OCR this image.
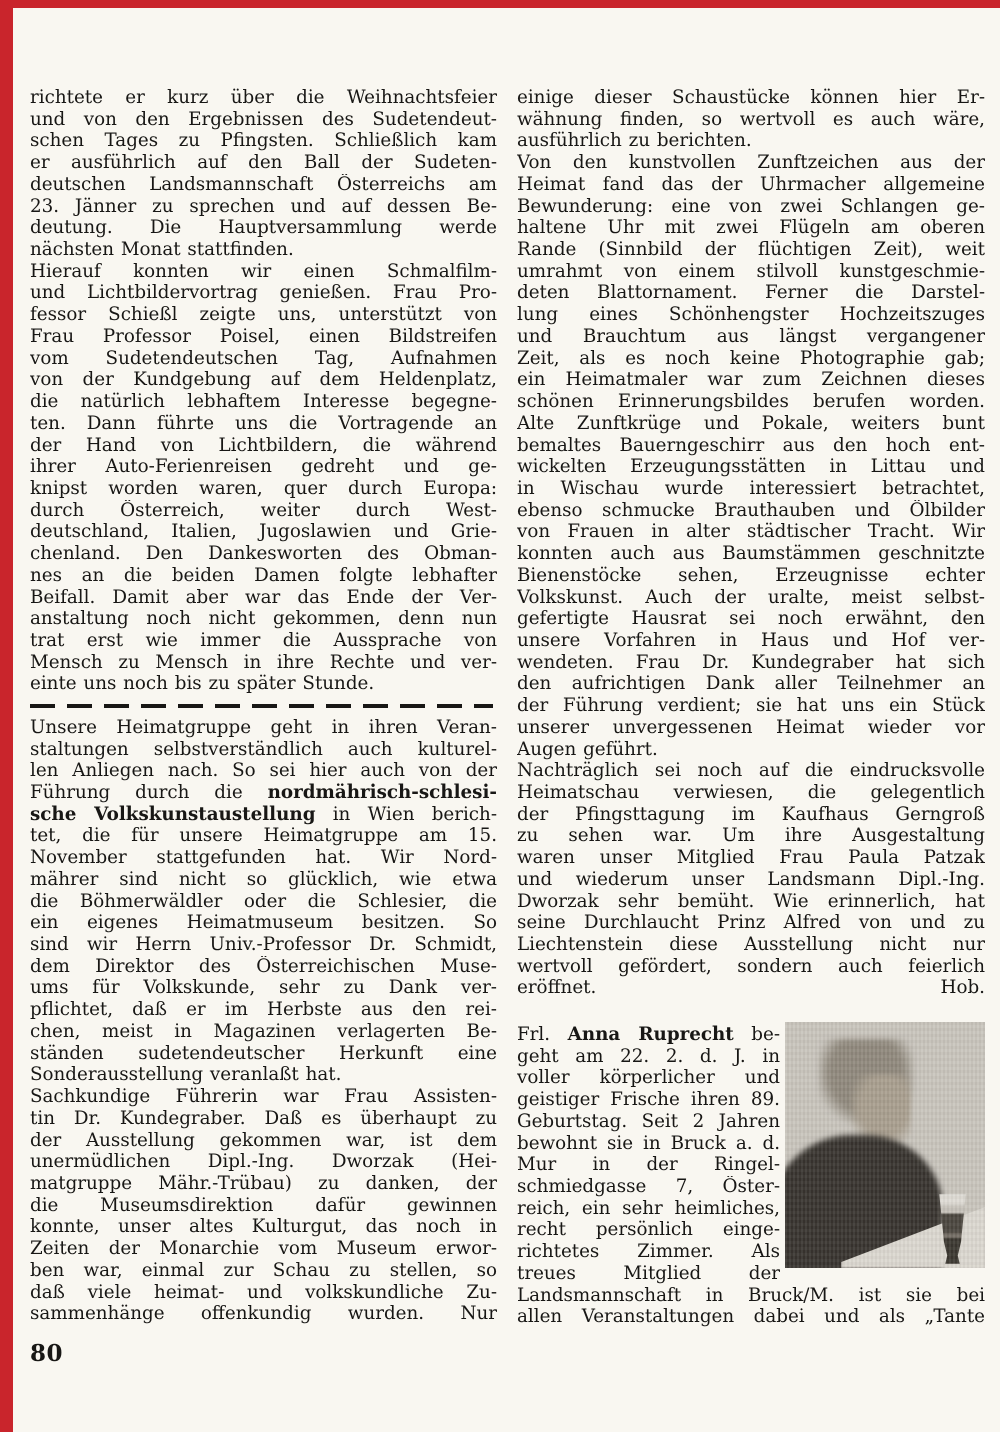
richtete er kurz über die Weihnachtsfeier
und von den Ergebnissen des Sudetendeut-
schen Tages zu Pfingsten. Schließlich kam
er ausführlich auf den Ball der Sudeten-
deutschen Landsmannschaft Österreichs am
23. Jänner zu sprechen und auf dessen Be-
deutung. Die Hauptversammlung werde
nächsten Monat stattfinden.
Hierauf konnten wir einen Schmalfilm-
und Lichtbildervortrag genießen. Frau Pro-
fessor Schießl zeigte uns, unterstützt von
Frau Professor Poisel, einen Bildstreifen
vom Sudetendeutschen Tag, Aufnahmen
von der Kundgebung auf dem Heldenplatz,
die natürlich lebhaftem Interesse begegne-
ten. Dann führte uns die Vortragende an
der Hand von Lichtbildern, die während
ihrer Auto-Ferienreisen gedreht und ge-
knipst worden waren, quer durch Europa:
durch Österreich, weiter durch West-
deutschland, Italien, Jugoslawien und Grie-
chenland. Den Dankesworten des Obman-
nes an die beiden Damen folgte lebhafter
Beifall. Damit aber war das Ende der Ver-
anstaltung noch nicht gekommen, denn nun
trat erst wie immer die Aussprache von
Mensch zu Mensch in ihre Rechte und ver-
einte uns noch bis zu später Stunde.
Unsere Heimatgruppe geht in ihren Veran-
staltungen selbstverständlich auch kulturel-
len Anliegen nach. So sei hier auch von der
Führung durch die nordmährisch-schlesi-
sche Volkskunstaustellung in Wien berich-
tet, die für unsere Heimatgruppe am 15.
November stattgefunden hat. Wir Nord-
mährer sind nicht so glücklich, wie etwa
die Böhmerwäldler oder die Schlesier, die
ein eigenes Heimatmuseum besitzen. So
sind wir Herrn Univ.-Professor Dr. Schmidt,
dem Direktor des Österreichischen Muse-
ums für Volkskunde, sehr zu Dank ver-
pflichtet, daß er im Herbste aus den rei-
chen, meist in Magazinen verlagerten Be-
ständen sudetendeutscher Herkunft eine
Sonderausstellung veranlaßt hat.
Sachkundige Führerin war Frau Assisten-
tin Dr. Kundegraber. Daß es überhaupt zu
der Ausstellung gekommen war, ist dem
unermüdlichen Dipl.-Ing. Dworzak (Hei-
matgruppe Mähr.-Trübau) zu danken, der
die Museumsdirektion dafür gewinnen
konnte, unser altes Kulturgut, das noch in
Zeiten der Monarchie vom Museum erwor-
ben war, einmal zur Schau zu stellen, so
daß viele heimat- und volkskundliche Zu-
sammenhänge offenkundig wurden. Nur
einige dieser Schaustücke können hier Er-
wähnung finden, so wertvoll es auch wäre,
ausführlich zu berichten.
Von den kunstvollen Zunftzeichen aus der
Heimat fand das der Uhrmacher allgemeine
Bewunderung: eine von zwei Schlangen ge-
haltene Uhr mit zwei Flügeln am oberen
Rande (Sinnbild der flüchtigen Zeit), weit
umrahmt von einem stilvoll kunstgeschmie-
deten Blattornament. Ferner die Darstel-
lung eines Schönhengster Hochzeitszuges
und Brauchtum aus längst vergangener
Zeit, als es noch keine Photographie gab;
ein Heimatmaler war zum Zeichnen dieses
schönen Erinnerungsbildes berufen worden.
Alte Zunftkrüge und Pokale, weiters bunt
bemaltes Bauerngeschirr aus den hoch ent-
wickelten Erzeugungsstätten in Littau und
in Wischau wurde interessiert betrachtet,
ebenso schmucke Brauthauben und Ölbilder
von Frauen in alter städtischer Tracht. Wir
konnten auch aus Baumstämmen geschnitzte
Bienenstöcke sehen, Erzeugnisse echter
Volkskunst. Auch der uralte, meist selbst-
gefertigte Hausrat sei noch erwähnt, den
unsere Vorfahren in Haus und Hof ver-
wendeten. Frau Dr. Kundegraber hat sich
den aufrichtigen Dank aller Teilnehmer an
der Führung verdient; sie hat uns ein Stück
unserer unvergessenen Heimat wieder vor
Augen geführt.
Nachträglich sei noch auf die eindrucksvolle
Heimatschau verwiesen, die gelegentlich
der Pfingsttagung im Kaufhaus Gerngroß
zu sehen war. Um ihre Ausgestaltung
waren unser Mitglied Frau Paula Patzak
und wiederum unser Landsmann Dipl.-Ing.
Dworzak sehr bemüht. Wie erinnerlich, hat
seine Durchlaucht Prinz Alfred von und zu
Liechtenstein diese Ausstellung nicht nur
wertvoll gefördert, sondern auch feierlich
eröffnet.	Hob.
Frl. Anna Ruprecht be-
geht am 22. 2. d. J. in
voller körperlicher und
geistiger Frische ihren 89.
Geburtstag. Seit 2 Jahren
bewohnt sie in Bruck a. d.
Mur in der Ringel-
schmiedgasse 7, Öster-
reich, ein sehr heimliches,
recht persönlich einge-
richtetes Zimmer. Als
treues Mitglied der
Landsmannschaft in Bruck/M. ist sie bei
allen Veranstaltungen dabei und als „Tante
80
